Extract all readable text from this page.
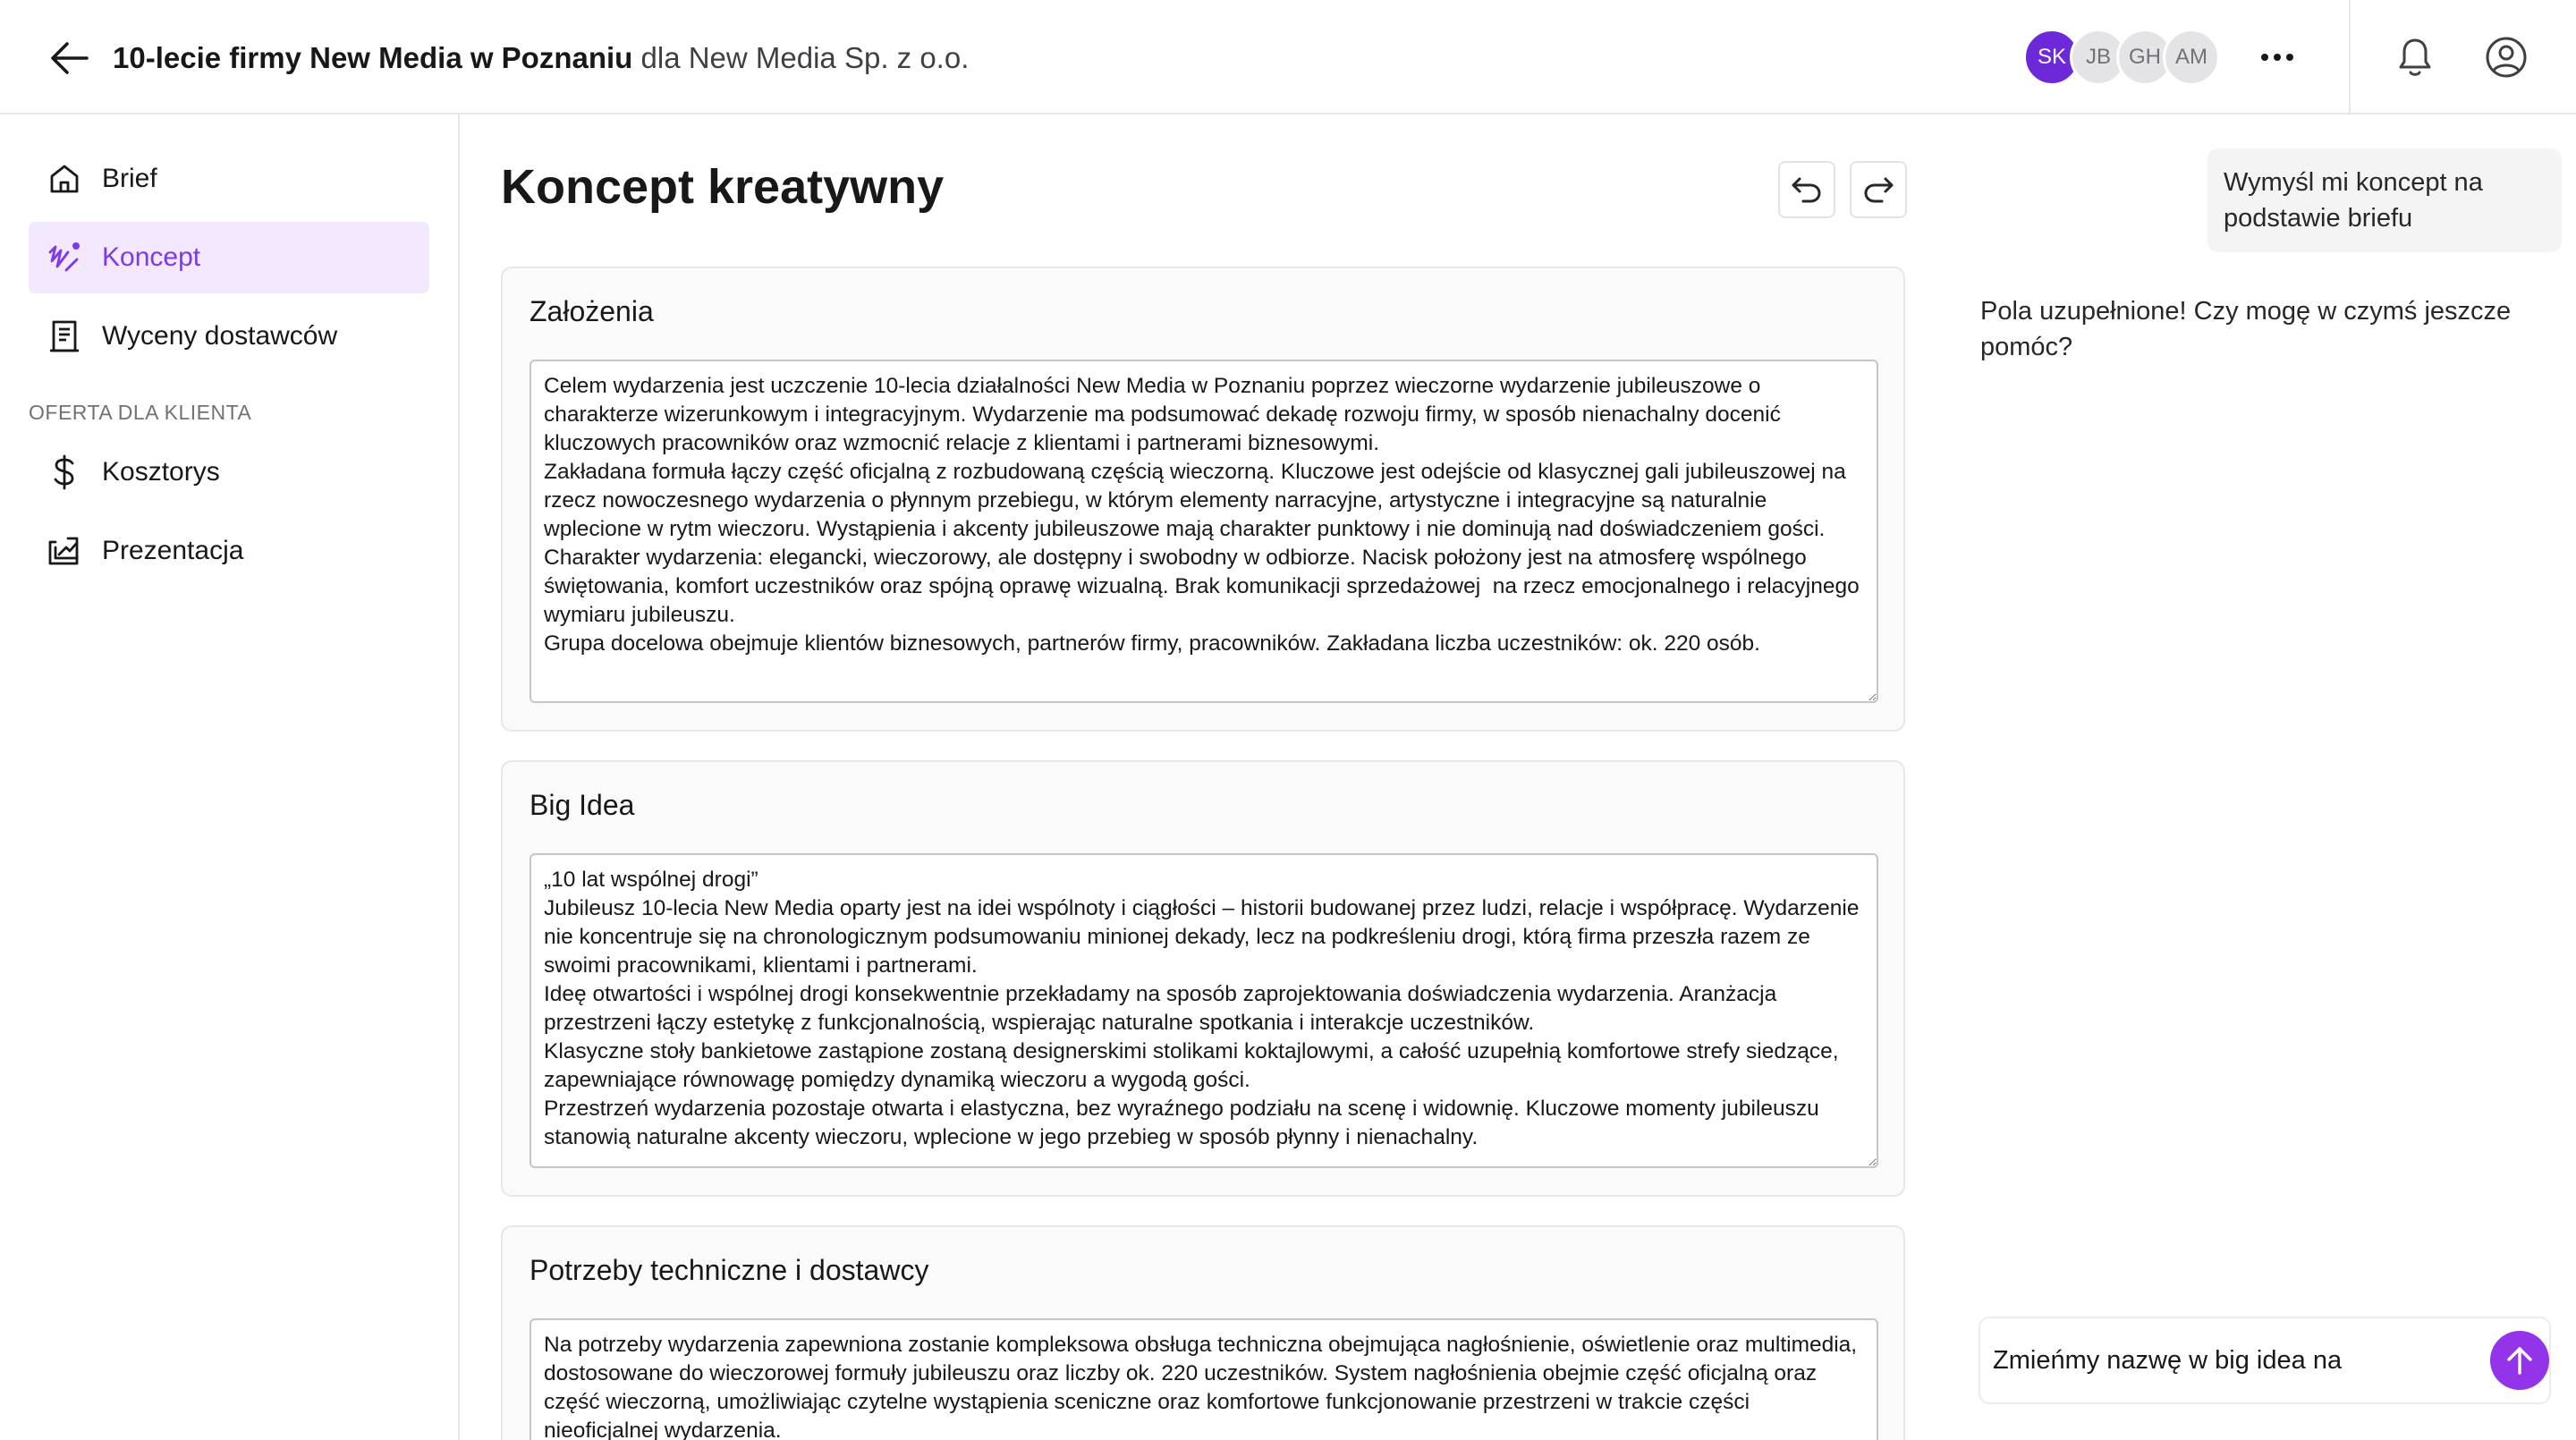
10-lecie firmy New Media w Poznaniu dla New Media Sp. z o.o.	SK JB GH AM
Brief
Koncept
Wyceny dostawców
OFERTA DLA KLIENTA
Kosztorys
Prezentacja
Koncept kreatywny
Założenia
Celem wydarzenia jest uczczenie 10-lecia działalności New Media w Poznaniu poprzez wieczorne wydarzenie jubileuszowe o charakterze wizerunkowym i integracyjnym. Wydarzenie ma podsumować dekadę rozwoju firmy, w sposób nienachalny docenić kluczowych pracowników oraz wzmocnić relacje z klientami i partnerami biznesowymi. Zakładana formuła łączy część oficjalną z rozbudowaną częścią wieczorną. Kluczowe jest odejście od klasycznej gali jubileuszowej na rzecz nowoczesnego wydarzenia o płynnym przebiegu, w którym elementy narracyjne, artystyczne i integracyjne są naturalnie wplecione w rytm wieczoru. Wystąpienia i akcenty jubileuszowe mają charakter punktowy i nie dominują nad doświadczeniem gości. Charakter wydarzenia: elegancki, wieczorowy, ale dostępny i swobodny w odbiorze. Nacisk położony jest na atmosferę wspólnego świętowania, komfort uczestników oraz spójną oprawę wizualną. Brak komunikacji sprzedażowej na rzecz emocjonalnego i relacyjnego wymiaru jubileuszu. Grupa docelowa obejmuje klientów biznesowych, partnerów firmy, pracowników. Zakładana liczba uczestników: ok. 220 osób.
Big Idea
„10 lat wspólnej drogi” Jubileusz 10-lecia New Media oparty jest na idei wspólnoty i ciągłości – historii budowanej przez ludzi, relacje i współpracę. Wydarzenie nie koncentruje się na chronologicznym podsumowaniu minionej dekady, lecz na podkreśleniu drogi, którą firma przeszła razem ze swoimi pracownikami, klientami i partnerami. Ideę otwartości i wspólnej drogi konsekwentnie przekładamy na sposób zaprojektowania doświadczenia wydarzenia. Aranżacja przestrzeni łączy estetykę z funkcjonalnością, wspierając naturalne spotkania i interakcje uczestników. Klasyczne stoły bankietowe zastąpione zostaną designerskimi stolikami koktajlowymi, a całość uzupełnią komfortowe strefy siedzące, zapewniające równowagę pomiędzy dynamiką wieczoru a wygodą gości. Przestrzeń wydarzenia pozostaje otwarta i elastyczna, bez wyraźnego podziału na scenę i widownię. Kluczowe momenty jubileuszu stanowią naturalne akcenty wieczoru, wplecione w jego przebieg w sposób płynny i nienachalny.
Potrzeby techniczne i dostawcy
Na potrzeby wydarzenia zapewniona zostanie kompleksowa obsługa techniczna obejmująca nagłośnienie, oświetlenie oraz multimedia, dostosowane do wieczorowej formuły jubileuszu oraz liczby ok. 220 uczestników. System nagłośnienia obejmie część oficjalną oraz część wieczorną, umożliwiając czytelne wystąpienia sceniczne oraz komfortowe funkcjonowanie przestrzeni w trakcie części nieoficjalnej wydarzenia.
Wymyśl mi koncept na podstawie briefu
Pola uzupełnione! Czy mogę w czymś jeszcze pomóc?
Zmieńmy nazwę w big idea na
